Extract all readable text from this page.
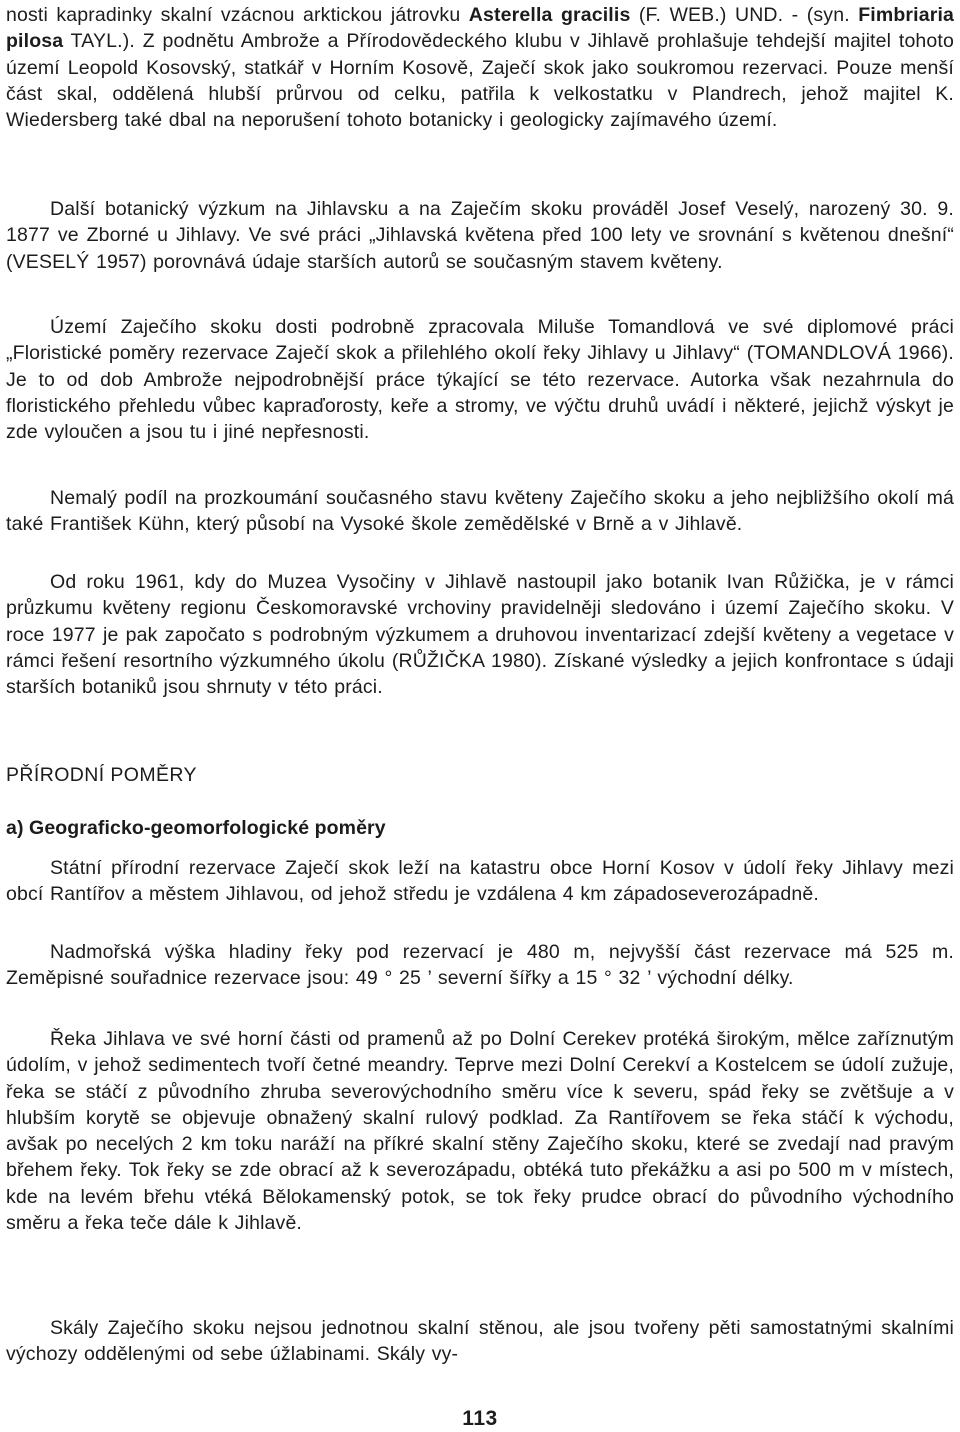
nosti kapradinky skalní vzácnou arktickou játrovku Asterella gracilis (F. WEB.) UND. - (syn. Fimbriaria pilosa TAYL.). Z podnětu Ambrože a Přírodovědeckého klubu v Jihlavě prohlašuje tehdejší majitel tohoto území Leopold Kosovský, statkář v Horním Kosově, Zaječí skok jako soukromou rezervaci. Pouze menší část skal, oddělená hlubší průrvou od celku, patřila k velkostatku v Plandrech, jehož majitel K. Wiedersberg také dbal na neporušení tohoto botanicky i geologicky zajímavého území.

Další botanický výzkum na Jihlavsku a na Zaječím skoku prováděl Josef Veselý, narozený 30. 9. 1877 ve Zborné u Jihlavy. Ve své práci „Jihlavská květena před 100 lety ve srovnání s květenou dnešní“ (VESELÝ 1957) porovnává údaje starších autorů se současným stavem květeny.

Území Zaječího skoku dosti podrobně zpracovala Miluše Tomandlová ve své diplomové práci „Floristické poměry rezervace Zaječí skok a přilehlého okolí řeky Jihlavy u Jihlavy“ (TOMANDLOVÁ 1966). Je to od dob Ambrože nejpodrobnější práce týkající se této rezervace. Autorka však nezahrnula do floristického přehledu vůbec kapraďorosty, keře a stromy, ve výčtu druhů uvádí i některé, jejichž výskyt je zde vyloučen a jsou tu i jiné nepřesnosti.

Nemalý podíl na prozkoumání současného stavu květeny Zaječího skoku a jeho nejbližšího okolí má také František Kühn, který působí na Vysoké škole zemědělské v Brně a v Jihlavě.

Od roku 1961, kdy do Muzea Vysočiny v Jihlavě nastoupil jako botanik Ivan Růžička, je v rámci průzkumu květeny regionu Českomoravské vrchoviny pravidelněji sledováno i území Zaječího skoku. V roce 1977 je pak započato s podrobným výzkumem a druhovou inventarizací zdejší květeny a vegetace v rámci řešení resortního výzkumného úkolu (RŮŽIČKA 1980). Získané výsledky a jejich konfrontace s údaji starších botaniků jsou shrnuty v této práci.

PŘÍRODNÍ POMĚRY
a) Geograficko-geomorfologické poměry

Státní přírodní rezervace Zaječí skok leží na katastru obce Horní Kosov v údolí řeky Jihlavy mezi obcí Rantířov a městem Jihlavou, od jehož středu je vzdálena 4 km západoseverozápadně.

Nadmořská výška hladiny řeky pod rezervací je 480 m, nejvyšší část rezervace má 525 m. Zeměpisné souřadnice rezervace jsou: 49 ° 25 ’ severní šířky a 15 ° 32 ’ východní délky.

Řeka Jihlava ve své horní části od pramenů až po Dolní Cerekev protéká širokým, mělce zaříznutým údolím, v jehož sedimentech tvoří četné meandry. Teprve mezi Dolní Cerekví a Kostelcem se údolí zužuje, řeka se stáčí z původního zhruba severovýchodního směru více k severu, spád řeky se zvětšuje a v hlubším korytě se objevuje obnažený skalní rulový podklad. Za Rantířovem se řeka stáčí k východu, avšak po necelých 2 km toku naráží na příkré skalní stěny Zaječího skoku, které se zvedají nad pravým břehem řeky. Tok řeky se zde obrací až k severozápadu, obtéká tuto překážku a asi po 500 m v místech, kde na levém břehu vtéká Bělokamenský potok, se tok řeky prudce obrací do původního východního směru a řeka teče dále k Jihlavě.

Skály Zaječího skoku nejsou jednotnou skalní stěnou, ale jsou tvořeny pěti samostatnými skalními výchozy oddělenými od sebe úžlabinami. Skály vy-

113
